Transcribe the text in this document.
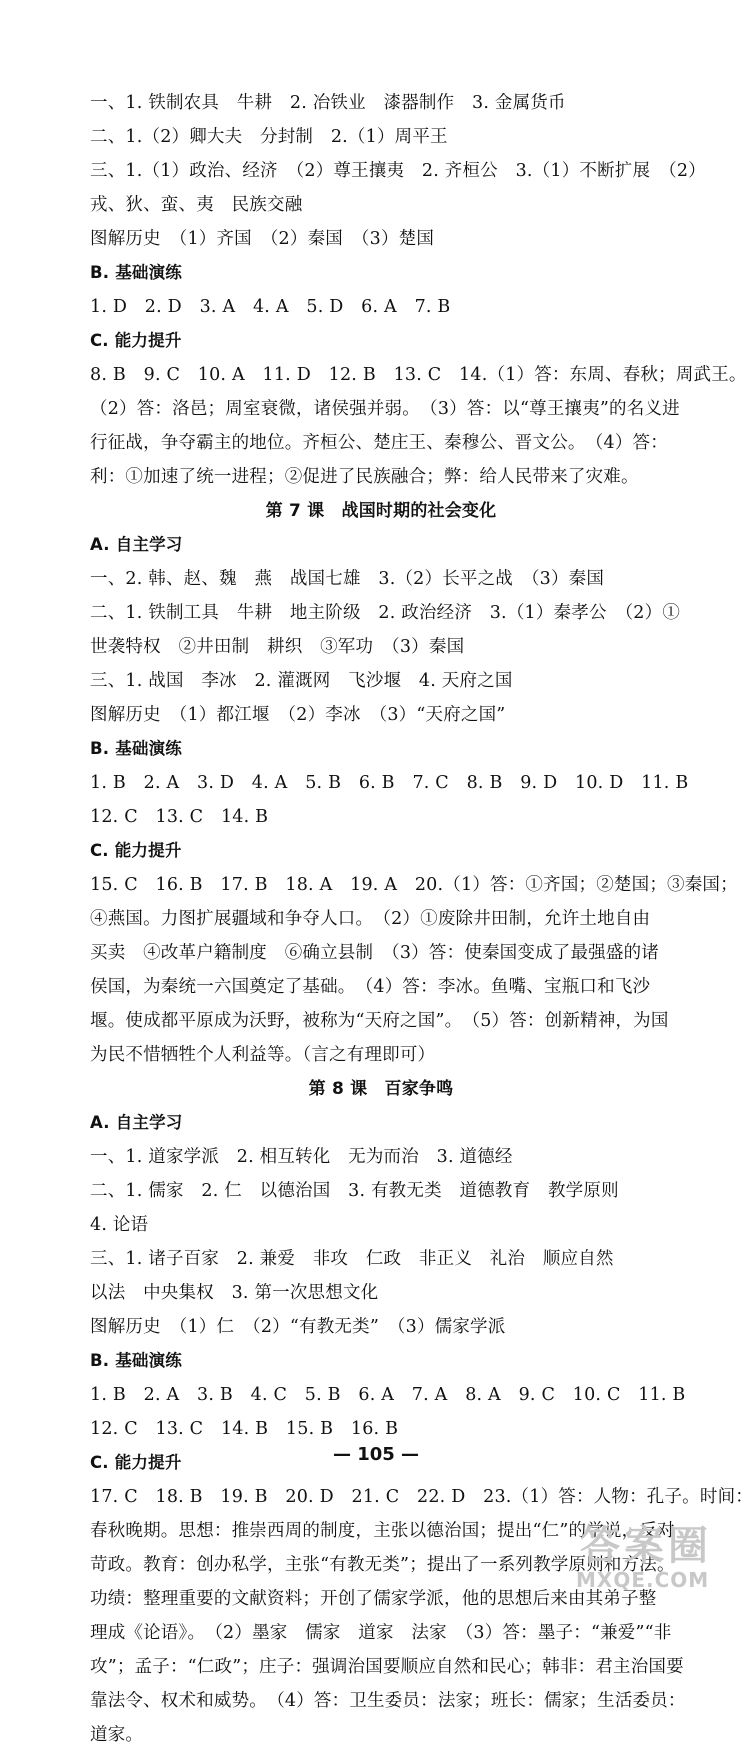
一、1. 铁制农具　牛耕　2. 冶铁业　漆器制作　3. 金属货币
二、1.（2）卿大夫　分封制　2.（1）周平王
三、1.（1）政治、经济　（2）尊王攘夷　2. 齐桓公　3.（1）不断扩展　（2）
戎、狄、蛮、夷　民族交融
图解历史　（1）齐国　（2）秦国　（3）楚国
B. 基础演练
1. D　2. D　3. A　4. A　5. D　6. A　7. B
C. 能力提升
8. B　9. C　10. A　11. D　12. B　13. C　14.（1）答：东周、春秋；周武王。
（2）答：洛邑；周室衰微，诸侯强并弱。　（3）答：以“尊王攘夷”的名义进
行征战，争夺霸主的地位。齐桓公、楚庄王、秦穆公、晋文公。　（4）答：
利：①加速了统一进程；②促进了民族融合；弊：给人民带来了灾难。
第 7 课　战国时期的社会变化
A. 自主学习
一、2. 韩、赵、魏　燕　战国七雄　3.（2）长平之战　（3）秦国
二、1. 铁制工具　牛耕　地主阶级　2. 政治经济　3.（1）秦孝公　（2）①
世袭特权　②井田制　耕织　③军功　（3）秦国
三、1. 战国　李冰　2. 灌溉网　飞沙堰　4. 天府之国
图解历史　（1）都江堰　（2）李冰　（3）“天府之国”
B. 基础演练
1. B　2. A　3. D　4. A　5. B　6. B　7. C　8. B　9. D　10. D　11. B
12. C　13. C　14. B
C. 能力提升
15. C　16. B　17. B　18. A　19. A　20.（1）答：①齐国；②楚国；③秦国；
④燕国。力图扩展疆域和争夺人口。　（2）①废除井田制，允许土地自由
买卖　④改革户籍制度　⑥确立县制　（3）答：使秦国变成了最强盛的诸
侯国，为秦统一六国奠定了基础。　（4）答：李冰。鱼嘴、宝瓶口和飞沙
堰。使成都平原成为沃野，被称为“天府之国”。　（5）答：创新精神，为国
为民不惜牺牲个人利益等。（言之有理即可）
第 8 课　百家争鸣
A. 自主学习
一、1. 道家学派　2. 相互转化　无为而治　3. 道德经
二、1. 儒家　2. 仁　以德治国　3. 有教无类　道德教育　教学原则
4. 论语
三、1. 诸子百家　2. 兼爱　非攻　仁政　非正义　礼治　顺应自然
以法　中央集权　3. 第一次思想文化
图解历史　（1）仁　（2）“有教无类”　（3）儒家学派
B. 基础演练
1. B　2. A　3. B　4. C　5. B　6. A　7. A　8. A　9. C　10. C　11. B
12. C　13. C　14. B　15. B　16. B
C. 能力提升
17. C　18. B　19. B　20. D　21. C　22. D　23.（1）答：人物：孔子。时间：
春秋晚期。思想：推崇西周的制度，主张以德治国；提出“仁”的学说，反对
苛政。教育：创办私学，主张“有教无类”；提出了一系列教学原则和方法。
功绩：整理重要的文献资料；开创了儒家学派，他的思想后来由其弟子整
理成《论语》。　（2）墨家　儒家　道家　法家　（3）答：墨子：“兼爱”“非
攻”；孟子：“仁政”；庄子：强调治国要顺应自然和民心；韩非：君主治国要
靠法令、权术和威势。　（4）答：卫生委员：法家；班长：儒家；生活委员：
道家。
— 105 —
答案圈
MXQE.COM
